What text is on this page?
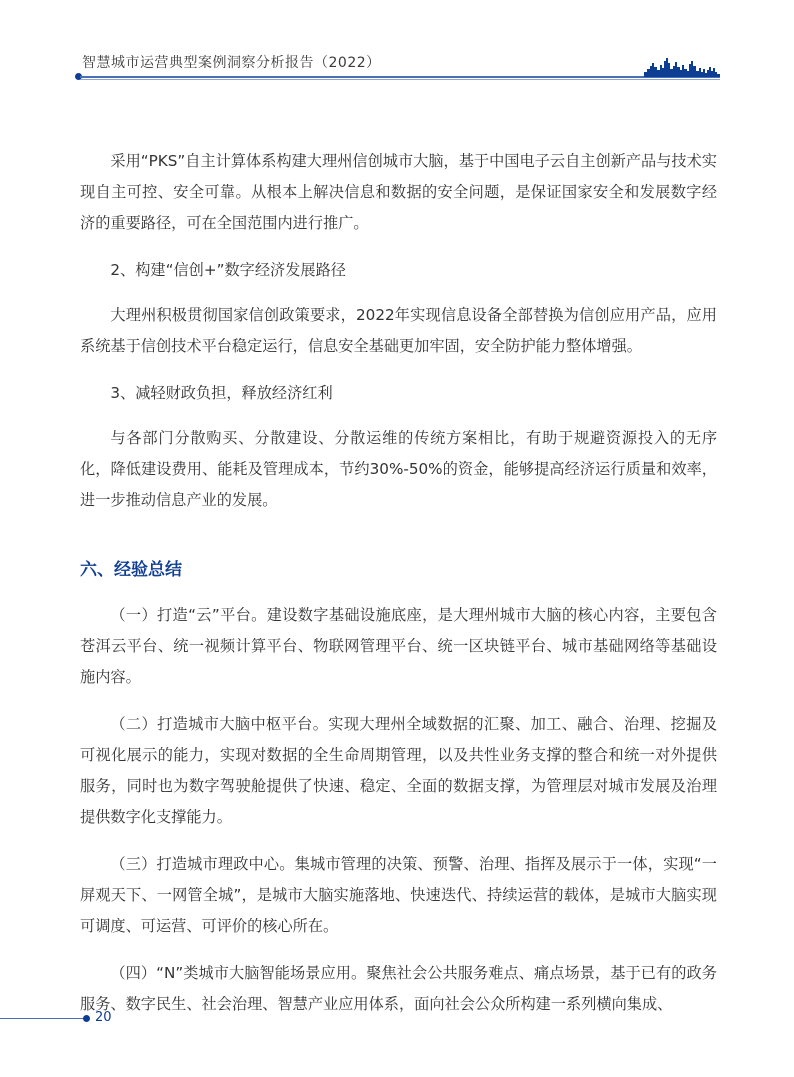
智慧城市运营典型案例洞察分析报告（2022）

采用“PKS”自主计算体系构建大理州信创城市大脑，基于中国电子云自主创新产品与技术实现自主可控、安全可靠。从根本上解决信息和数据的安全问题，是保证国家安全和发展数字经济的重要路径，可在全国范围内进行推广。

2、构建“信创+”数字经济发展路径

大理州积极贯彻国家信创政策要求，2022年实现信息设备全部替换为信创应用产品，应用系统基于信创技术平台稳定运行，信息安全基础更加牢固，安全防护能力整体增强。

3、减轻财政负担，释放经济红利

与各部门分散购买、分散建设、分散运维的传统方案相比，有助于规避资源投入的无序化，降低建设费用、能耗及管理成本，节约30%-50%的资金，能够提高经济运行质量和效率，进一步推动信息产业的发展。

六、经验总结

（一）打造“云”平台。建设数字基础设施底座，是大理州城市大脑的核心内容，主要包含苍洱云平台、统一视频计算平台、物联网管理平台、统一区块链平台、城市基础网络等基础设施内容。

（二）打造城市大脑中枢平台。实现大理州全域数据的汇聚、加工、融合、治理、挖掘及可视化展示的能力，实现对数据的全生命周期管理，以及共性业务支撑的整合和统一对外提供服务，同时也为数字驾驶舱提供了快速、稳定、全面的数据支撑，为管理层对城市发展及治理提供数字化支撑能力。

（三）打造城市理政中心。集城市管理的决策、预警、治理、指挥及展示于一体，实现“一屏观天下、一网管全城”，是城市大脑实施落地、快速迭代、持续运营的载体，是城市大脑实现可调度、可运营、可评价的核心所在。

（四）“N”类城市大脑智能场景应用。聚焦社会公共服务难点、痛点场景，基于已有的政务服务、数字民生、社会治理、智慧产业应用体系，面向社会公众所构建一系列横向集成、

20
